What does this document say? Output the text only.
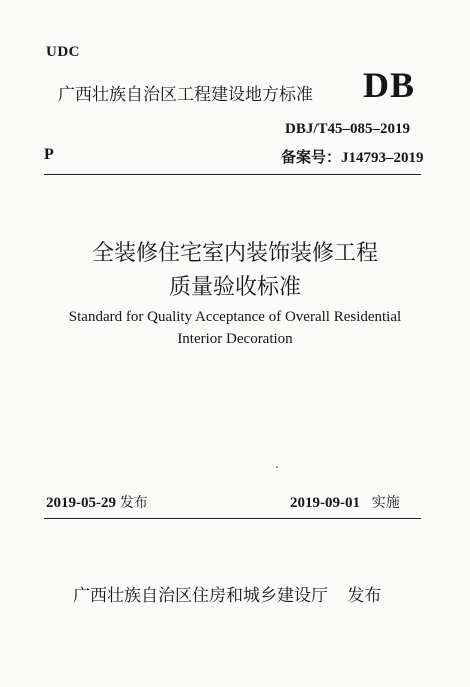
UDC
广西壮族自治区工程建设地方标准 DB
DBJ/T45–085–2019
P	备案号：J14793–2019
全装修住宅室内装饰装修工程
质量验收标准
Standard for Quality Acceptance of Overall Residential
Interior Decoration
2019-05-29 发布	2019-09-01 实施
广西壮族自治区住房和城乡建设厅 发布
